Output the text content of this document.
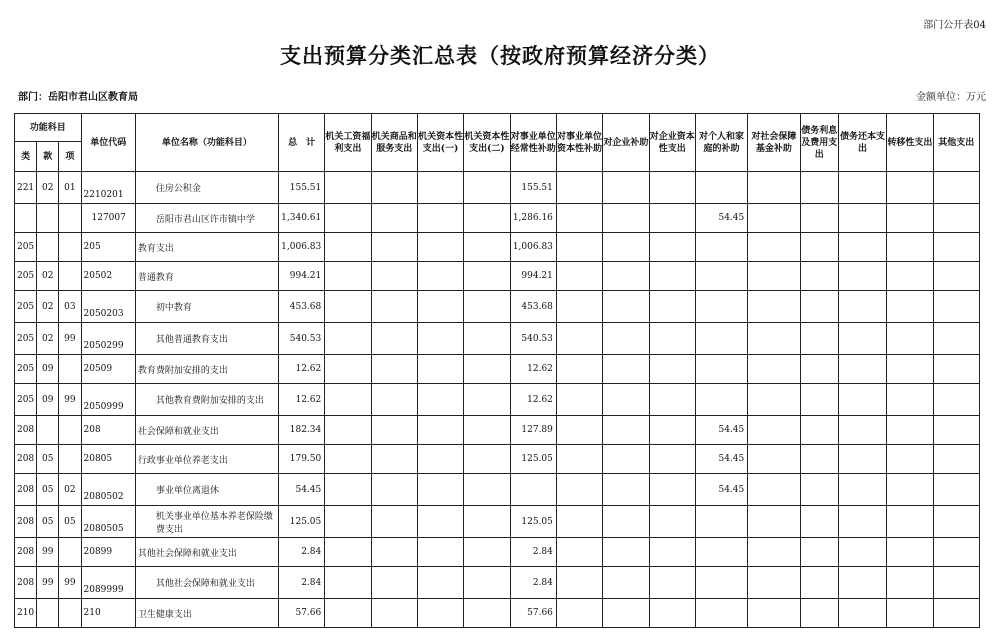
部门公开表04
支出预算分类汇总表（按政府预算经济分类）
部门：岳阳市君山区教育局	金额单位：万元
功能科目			单位代码	单位名称（功能科目）	总　计	机关工资福利支出	机关商品和服务支出	机关资本性支出(一)	机关资本性支出(二)	对事业单位经常性补助	对事业单位资本性补助	对企业补助	对企业资本性支出	对个人和家庭的补助	对社会保障基金补助	债务利息及费用支出	债务还本支出	转移性支出	其他支出
类	款	项																	
221	02	01	2210201	住房公积金	155.51					155.51									
			127007	岳阳市君山区许市镇中学	1,340.61					1,286.16				54.45					
205			205	教育支出	1,006.83					1,006.83									
205	02		20502	普通教育	994.21					994.21									
205	02	03	2050203	初中教育	453.68					453.68									
205	02	99	2050299	其他普通教育支出	540.53					540.53									
205	09		20509	教育费附加安排的支出	12.62					12.62									
205	09	99	2050999	其他教育费附加安排的支出	12.62					12.62									
208			208	社会保障和就业支出	182.34					127.89				54.45					
208	05		20805	行政事业单位养老支出	179.50					125.05				54.45					
208	05	02	2080502	事业单位离退休	54.45									54.45					
208	05	05	2080505	机关事业单位基本养老保险缴费支出	125.05					125.05									
208	99		20899	其他社会保障和就业支出	2.84					2.84									
208	99	99	2089999	其他社会保障和就业支出	2.84					2.84									
210			210	卫生健康支出	57.66					57.66									
